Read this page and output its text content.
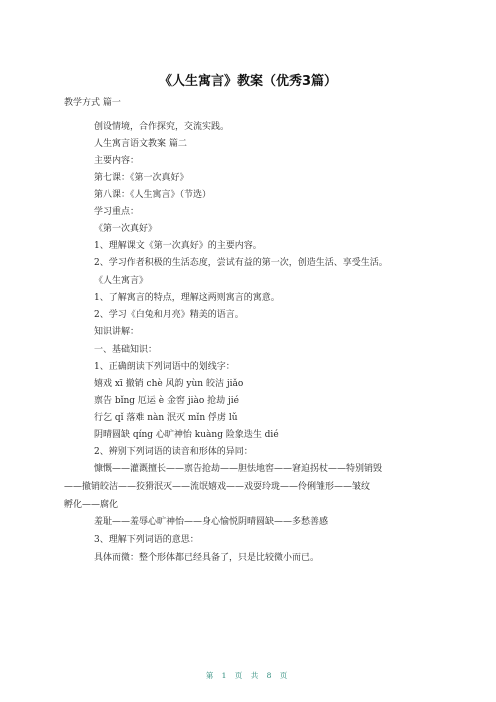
《人生寓言》教案（优秀3篇）
教学方式 篇一
创设情境，合作探究，交流实践。
人生寓言语文教案 篇二
主要内容：
第七课：《第一次真好》
第八课：《人生寓言》（节选）
学习重点：
《第一次真好》
1、理解课文《第一次真好》的主要内容。
2、学习作者积极的生活态度，尝试有益的第一次，创造生活、享受生活。
《人生寓言》
1、了解寓言的特点，理解这两则寓言的寓意。
2、学习《白兔和月亮》精美的语言。
知识讲解：
一、基础知识：
1、正确朗读下列词语中的划线字：
嬉戏 xī 撤销 chè 风韵 yùn 皎洁 jiǎo
禀告 bǐng 厄运 è 金窖 jiào 抢劫 jié
行乞 qǐ 落难 nàn 泯灭 mǐn 俘虏 lǔ
阴晴圆缺 qíng 心旷神怡 kuàng 险象迭生 dié
2、辨别下列词语的读音和形体的异同：
慷慨——灌溉擅长——禀告抢劫——胆怯地窖——窘迫拐杖——特别销毁
——撤销皎洁——狡猾泯灭——流氓嬉戏——戏耍玲珑——伶俐雏形——皱纹
孵化——腐化
羞耻——羞辱心旷神怡——身心愉悦阴晴圆缺——多愁善感
3、理解下列词语的意思：
具体而微：整个形体都已经具备了，只是比较微小而已。
第 1 页 共 8 页
